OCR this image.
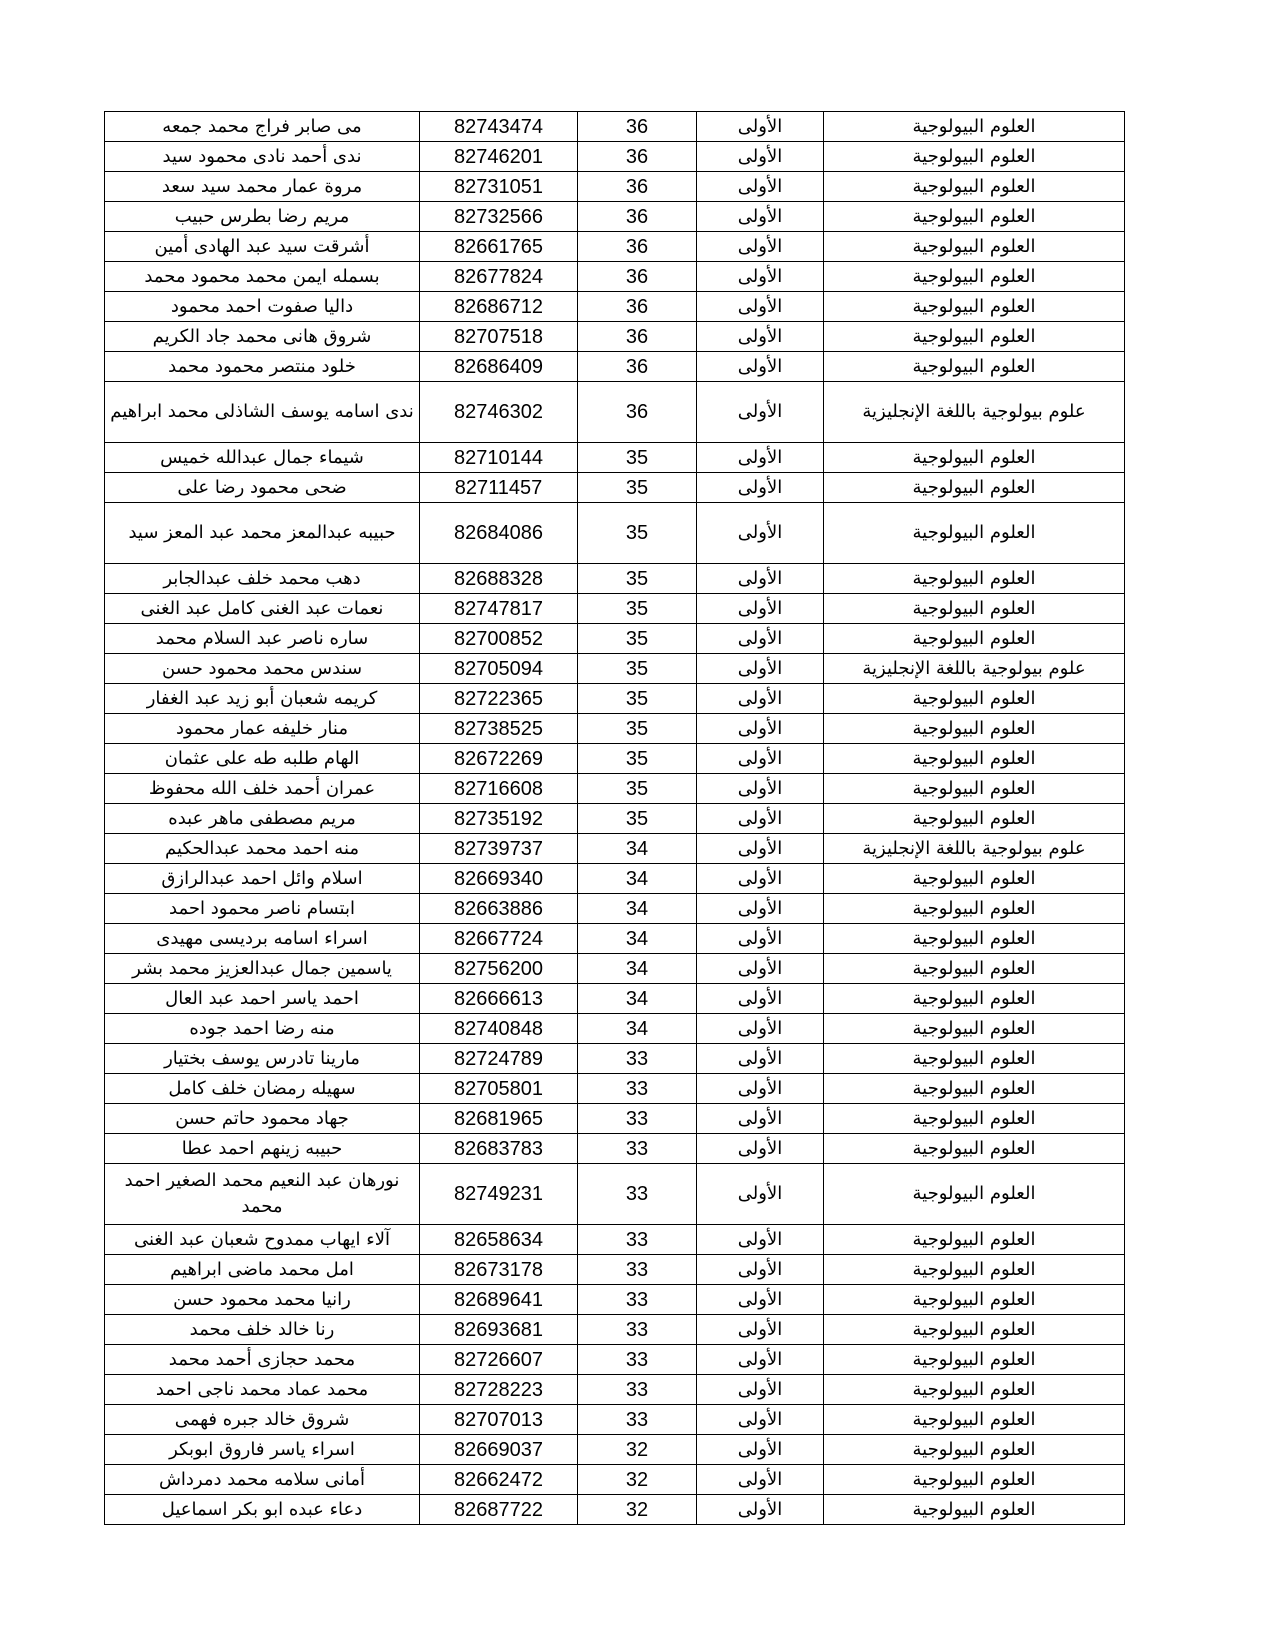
مى صابر فراج محمد جمعه	82743474	36	الأولى	العلوم البيولوجية
ندى أحمد نادى محمود سيد	82746201	36	الأولى	العلوم البيولوجية
مروة عمار محمد سيد سعد	82731051	36	الأولى	العلوم البيولوجية
مريم رضا بطرس حبيب	82732566	36	الأولى	العلوم البيولوجية
أشرقت سيد عبد الهادى أمين	82661765	36	الأولى	العلوم البيولوجية
بسمله ايمن محمد محمود محمد	82677824	36	الأولى	العلوم البيولوجية
داليا صفوت احمد محمود	82686712	36	الأولى	العلوم البيولوجية
شروق هانى محمد جاد الكريم	82707518	36	الأولى	العلوم البيولوجية
خلود منتصر محمود محمد	82686409	36	الأولى	العلوم البيولوجية
ندى اسامه يوسف الشاذلى محمد ابراهيم	82746302	36	الأولى	علوم بيولوجية باللغة الإنجليزية
شيماء جمال عبدالله خميس	82710144	35	الأولى	العلوم البيولوجية
ضحى محمود رضا على	82711457	35	الأولى	العلوم البيولوجية
حبيبه عبدالمعز محمد عبد المعز سيد	82684086	35	الأولى	العلوم البيولوجية
دهب محمد خلف عبدالجابر	82688328	35	الأولى	العلوم البيولوجية
نعمات عبد الغنى كامل عبد الغنى	82747817	35	الأولى	العلوم البيولوجية
ساره ناصر عبد السلام محمد	82700852	35	الأولى	العلوم البيولوجية
سندس محمد محمود حسن	82705094	35	الأولى	علوم بيولوجية باللغة الإنجليزية
كريمه شعبان أبو زيد عبد الغفار	82722365	35	الأولى	العلوم البيولوجية
منار خليفه عمار محمود	82738525	35	الأولى	العلوم البيولوجية
الهام طلبه طه على عثمان	82672269	35	الأولى	العلوم البيولوجية
عمران أحمد خلف الله محفوظ	82716608	35	الأولى	العلوم البيولوجية
مريم مصطفى ماهر عبده	82735192	35	الأولى	العلوم البيولوجية
منه احمد محمد عبدالحكيم	82739737	34	الأولى	علوم بيولوجية باللغة الإنجليزية
اسلام وائل احمد عبدالرازق	82669340	34	الأولى	العلوم البيولوجية
ابتسام ناصر محمود احمد	82663886	34	الأولى	العلوم البيولوجية
اسراء اسامه برديسى مهيدى	82667724	34	الأولى	العلوم البيولوجية
ياسمين جمال عبدالعزيز محمد بشر	82756200	34	الأولى	العلوم البيولوجية
احمد ياسر احمد عبد العال	82666613	34	الأولى	العلوم البيولوجية
منه رضا احمد جوده	82740848	34	الأولى	العلوم البيولوجية
مارينا تادرس يوسف بختيار	82724789	33	الأولى	العلوم البيولوجية
سهيله رمضان خلف كامل	82705801	33	الأولى	العلوم البيولوجية
جهاد محمود حاتم حسن	82681965	33	الأولى	العلوم البيولوجية
حبيبه زينهم احمد عطا	82683783	33	الأولى	العلوم البيولوجية
نورهان عبد النعيم محمد الصغير احمد محمد	82749231	33	الأولى	العلوم البيولوجية
آلاء ايهاب ممدوح شعبان عبد الغنى	82658634	33	الأولى	العلوم البيولوجية
امل محمد ماضى ابراهيم	82673178	33	الأولى	العلوم البيولوجية
رانيا محمد محمود حسن	82689641	33	الأولى	العلوم البيولوجية
رنا خالد خلف محمد	82693681	33	الأولى	العلوم البيولوجية
محمد حجازى أحمد محمد	82726607	33	الأولى	العلوم البيولوجية
محمد عماد محمد ناجى احمد	82728223	33	الأولى	العلوم البيولوجية
شروق خالد جبره فهمى	82707013	33	الأولى	العلوم البيولوجية
اسراء ياسر فاروق ابوبكر	82669037	32	الأولى	العلوم البيولوجية
أمانى سلامه محمد دمرداش	82662472	32	الأولى	العلوم البيولوجية
دعاء عبده ابو بكر اسماعيل	82687722	32	الأولى	العلوم البيولوجية
